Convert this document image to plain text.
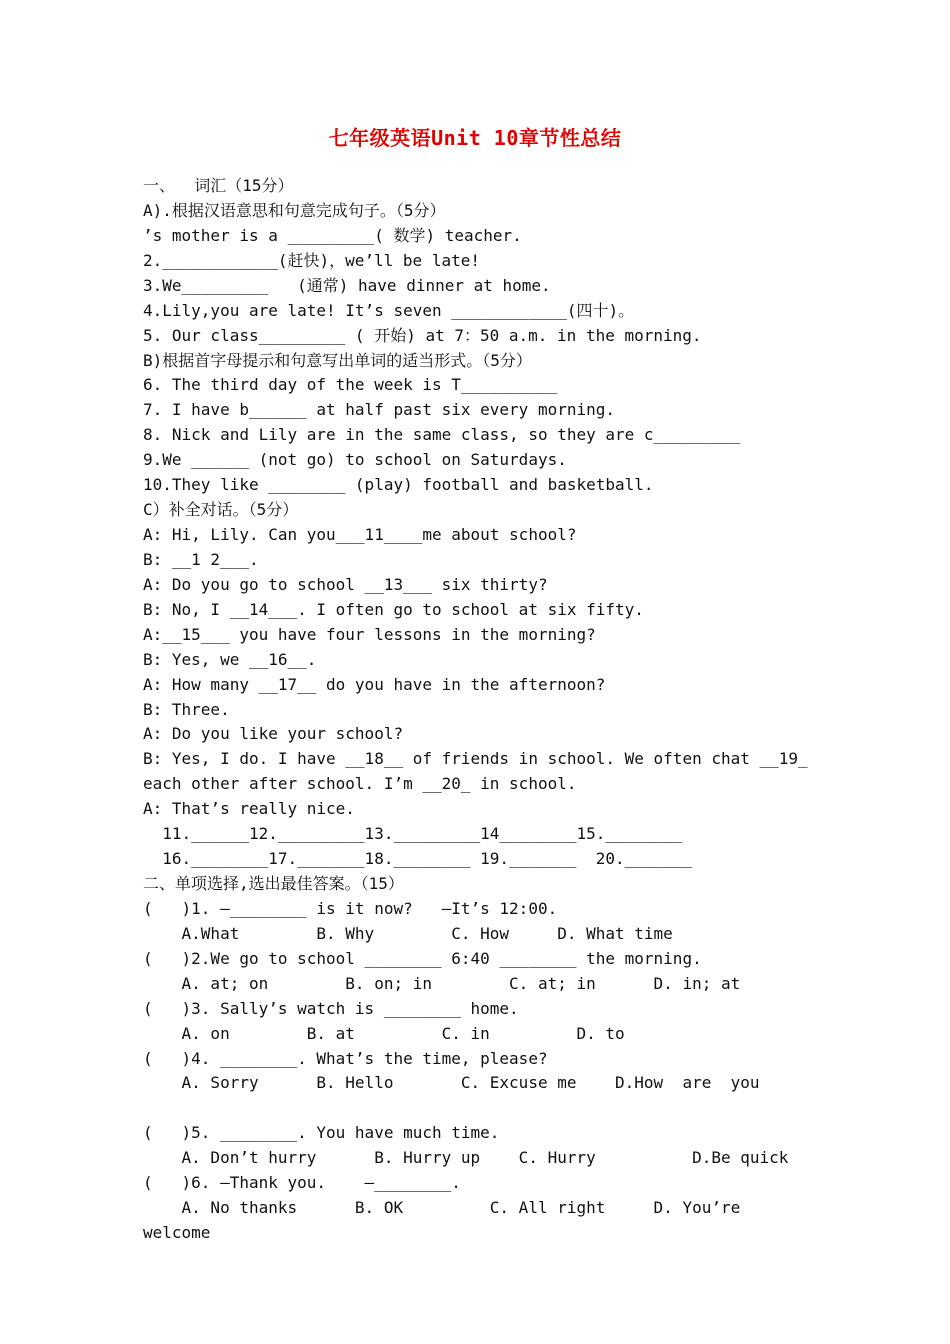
七年级英语Unit 10章节性总结
一、  词汇（15分）
A).根据汉语意思和句意完成句子。（5分）
’s mother is a _________( 数学) teacher.
2.____________(赶快)，we’ll be late!
3.We_________   (通常) have dinner at home.
4.Lily,you are late! It’s seven ____________(四十)。
5. Our class_________ ( 开始) at 7：50 a.m. in the morning.
B)根据首字母提示和句意写出单词的适当形式。（5分）
6. The third day of the week is T__________
7. I have b______ at half past six every morning.
8. Nick and Lily are in the same class, so they are c_________
9.We ______ (not go) to school on Saturdays.
10.They like ________ (play) football and basketball.
C）补全对话。（5分）
A: Hi, Lily. Can you___11____me about school?
B: __1 2___.
A: Do you go to school __13___ six thirty?
B: No, I __14___. I often go to school at six fifty.
A:__15___ you have four lessons in the morning?
B: Yes, we __16__.
A: How many __17__ do you have in the afternoon?
B: Three.
A: Do you like your school?
B: Yes, I do. I have __18__ of friends in school. We often chat __19_
each other after school. I’m __20_ in school.
A: That’s really nice.
11.______12._________13._________14________15.________
16.________17._______18.________ 19._______  20._______
二、单项选择,选出最佳答案。（15）
(   )1. —________ is it now?   —It’s 12:00.
A.What        B. Why        C. How     D. What time
(   )2.We go to school ________ 6:40 ________ the morning.
A. at; on        B. on; in        C. at; in      D. in; at
(   )3. Sally’s watch is ________ home.
A. on        B. at         C. in         D. to
(   )4. ________. What’s the time, please?
A. Sorry      B. Hello       C. Excuse me    D.How  are  you
(   )5. ________. You have much time.
A. Don’t hurry      B. Hurry up    C. Hurry          D.Be quick
(   )6. —Thank you.    —________.
A. No thanks      B. OK         C. All right     D. You’re
welcome
